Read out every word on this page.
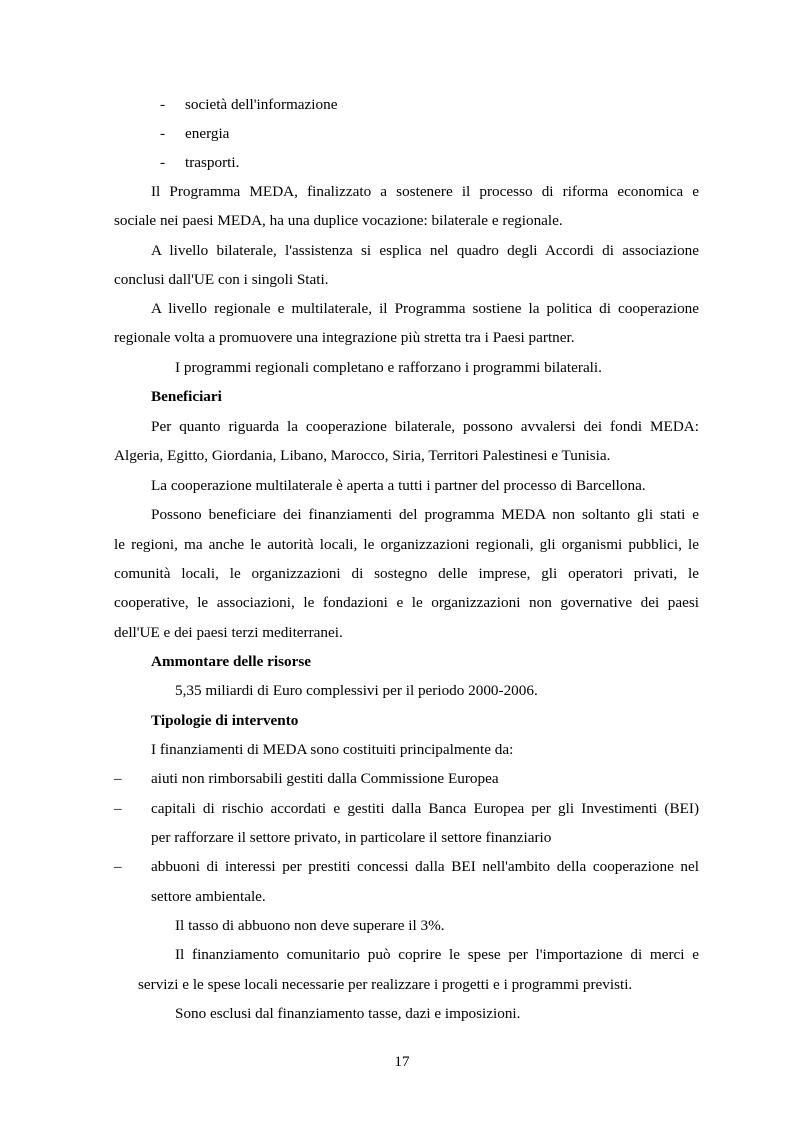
- società dell'informazione
- energia
- trasporti.
Il Programma MEDA, finalizzato a sostenere il processo di riforma economica e
sociale nei paesi MEDA, ha una duplice vocazione: bilaterale e regionale.
A livello bilaterale, l'assistenza si esplica nel quadro degli Accordi di associazione
conclusi dall'UE con i singoli Stati.
A livello regionale e multilaterale, il Programma sostiene la politica di cooperazione
regionale volta a promuovere una integrazione più stretta tra i Paesi partner.
I programmi regionali completano e rafforzano i programmi bilaterali.
Beneficiari
Per quanto riguarda la cooperazione bilaterale, possono avvalersi dei fondi MEDA:
Algeria, Egitto, Giordania, Libano, Marocco, Siria, Territori Palestinesi e Tunisia.
La cooperazione multilaterale è aperta a tutti i partner del processo di Barcellona.
Possono beneficiare dei finanziamenti del programma MEDA non soltanto gli stati e
le regioni, ma anche le autorità locali, le organizzazioni regionali, gli organismi pubblici, le
comunità locali, le organizzazioni di sostegno delle imprese, gli operatori privati, le
cooperative, le associazioni, le fondazioni e le organizzazioni non governative dei paesi
dell'UE e dei paesi terzi mediterranei.
Ammontare delle risorse
5,35 miliardi di Euro complessivi per il periodo 2000-2006.
Tipologie di intervento
I finanziamenti di MEDA sono costituiti principalmente da:
– aiuti non rimborsabili gestiti dalla Commissione Europea
– capitali di rischio accordati e gestiti dalla Banca Europea per gli Investimenti (BEI)
per rafforzare il settore privato, in particolare il settore finanziario
– abbuoni di interessi per prestiti concessi dalla BEI nell'ambito della cooperazione nel
settore ambientale.
Il tasso di abbuono non deve superare il 3%.
Il finanziamento comunitario può coprire le spese per l'importazione di merci e
servizi e le spese locali necessarie per realizzare i progetti e i programmi previsti.
Sono esclusi dal finanziamento tasse, dazi e imposizioni.
17
